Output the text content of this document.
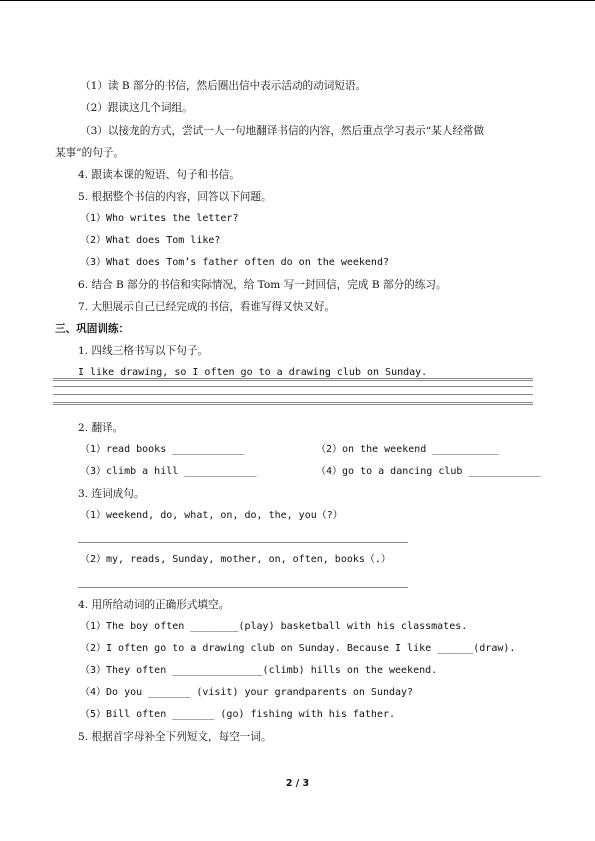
（1）读 B 部分的书信，然后圈出信中表示活动的动词短语。
（2）跟读这几个词组。
（3）以接龙的方式，尝试一人一句地翻译书信的内容，然后重点学习表示“某人经常做
某事”的句子。
4. 跟读本课的短语、句子和书信。
5. 根据整个书信的内容，回答以下问题。
（1）Who writes the letter?
（2）What does Tom like?
（3）What does Tom’s father often do on the weekend?
6. 结合 B 部分的书信和实际情况，给 Tom 写一封回信，完成 B 部分的练习。
7. 大胆展示自己已经完成的书信，看谁写得又快又好。
三、巩固训练：
1. 四线三格书写以下句子。
I like drawing, so I often go to a drawing club on Sunday.
2. 翻译。
（1）read books ____________	（2）on the weekend ___________
（3）climb a hill ____________	（4）go to a dancing club ____________
3. 连词成句。
（1）weekend, do, what, on, do, the, you（?）
（2）my, reads, Sunday, mother, on, often, books（.）
4. 用所给动词的正确形式填空。
（1）The boy often ________(play) basketball with his classmates.
（2）I often go to a drawing club on Sunday. Because I like ______(draw).
（3）They often _______________(climb) hills on the weekend.
（4）Do you _______ (visit) your grandparents on Sunday?
（5）Bill often _______ (go) fishing with his father.
5. 根据首字母补全下列短文，每空一词。
2 / 3
